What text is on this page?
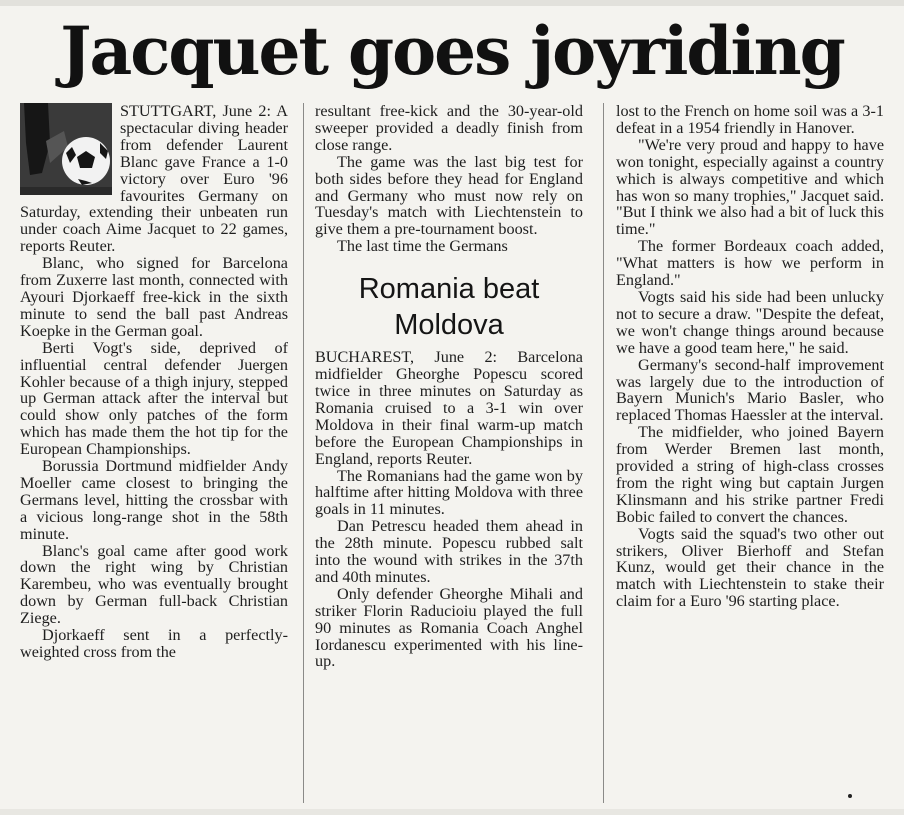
Jacquet goes joyriding

STUTTGART, June 2: A spectacular diving header from defender Laurent Blanc gave France a 1-0 victory over Euro '96 favourites Germany on Saturday, extending their unbeaten run under coach Aime Jacquet to 22 games, reports Reuter.

Blanc, who signed for Barcelona from Zuxerre last month, connected with Ayouri Djorkaeff free-kick in the sixth minute to send the ball past Andreas Koepke in the German goal.

Berti Vogt's side, deprived of influential central defender Juergen Kohler because of a thigh injury, stepped up German attack after the interval but could show only patches of the form which has made them the hot tip for the European Championships.

Borussia Dortmund midfielder Andy Moeller came closest to bringing the Germans level, hitting the crossbar with a vicious long-range shot in the 58th minute.

Blanc's goal came after good work down the right wing by Christian Karembeu, who was eventually brought down by German full-back Christian Ziege.

Djorkaeff sent in a perfectly-weighted cross from the

resultant free-kick and the 30-year-old sweeper provided a deadly finish from close range.

The game was the last big test for both sides before they head for England and Germany who must now rely on Tuesday's match with Liechtenstein to give them a pre-tournament boost.

The last time the Germans

Romania beat Moldova

BUCHAREST, June 2: Barcelona midfielder Gheorghe Popescu scored twice in three minutes on Saturday as Romania cruised to a 3-1 win over Moldova in their final warm-up match before the European Championships in England, reports Reuter.

The Romanians had the game won by halftime after hitting Moldova with three goals in 11 minutes.

Dan Petrescu headed them ahead in the 28th minute. Popescu rubbed salt into the wound with strikes in the 37th and 40th minutes.

Only defender Gheorghe Mihali and striker Florin Raducioiu played the full 90 minutes as Romania Coach Anghel Iordanescu experimented with his line-up.

lost to the French on home soil was a 3-1 defeat in a 1954 friendly in Hanover.

"We're very proud and happy to have won tonight, especially against a country which is always competitive and which has won so many trophies," Jacquet said. "But I think we also had a bit of luck this time."

The former Bordeaux coach added, "What matters is how we perform in England."

Vogts said his side had been unlucky not to secure a draw. "Despite the defeat, we won't change things around because we have a good team here," he said.

Germany's second-half improvement was largely due to the introduction of Bayern Munich's Mario Basler, who replaced Thomas Haessler at the interval.

The midfielder, who joined Bayern from Werder Bremen last month, provided a string of high-class crosses from the right wing but captain Jurgen Klinsmann and his strike partner Fredi Bobic failed to convert the chances.

Vogts said the squad's two other out strikers, Oliver Bierhoff and Stefan Kunz, would get their chance in the match with Liechtenstein to stake their claim for a Euro '96 starting place.
